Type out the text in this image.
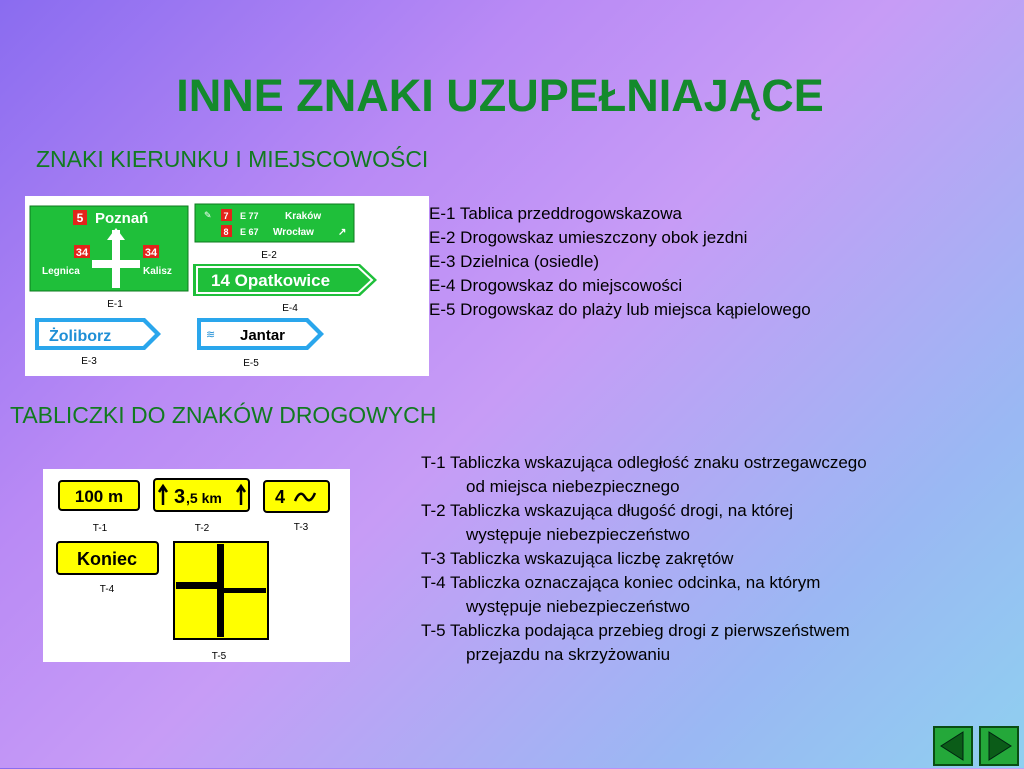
INNE ZNAKI UZUPEŁNIAJĄCE
ZNAKI KIERUNKU I MIEJSCOWOŚCI
5 Poznań
34
Legnica
34
Kalisz
E-1
✎ 7 E 77	Kraków
8 E 67 Wrocław ↗
E-2
14 Opatkowice
E-4
Żoliborz
E-3
≋ Jantar
E-5
E-1 Tablica przeddrogowskazowa
E-2 Drogowskaz umieszczony obok jezdni
E-3 Dzielnica (osiedle)
E-4 Drogowskaz do miejscowości
E-5 Drogowskaz do plaży lub miejsca kąpielowego
TABLICZKI DO ZNAKÓW DROGOWYCH
100 m
T-1
3 ,5 km
T-2
4
T-3
Koniec
T-4
T-5
T-1 Tabliczka wskazująca odległość znaku ostrzegawczego
od miejsca niebezpiecznego
T-2 Tabliczka wskazująca długość drogi, na której
występuje niebezpieczeństwo
T-3 Tabliczka wskazująca liczbę zakrętów
T-4 Tabliczka oznaczająca koniec odcinka, na którym
występuje niebezpieczeństwo
T-5 Tabliczka podająca przebieg drogi z pierwszeństwem
przejazdu na skrzyżowaniu
